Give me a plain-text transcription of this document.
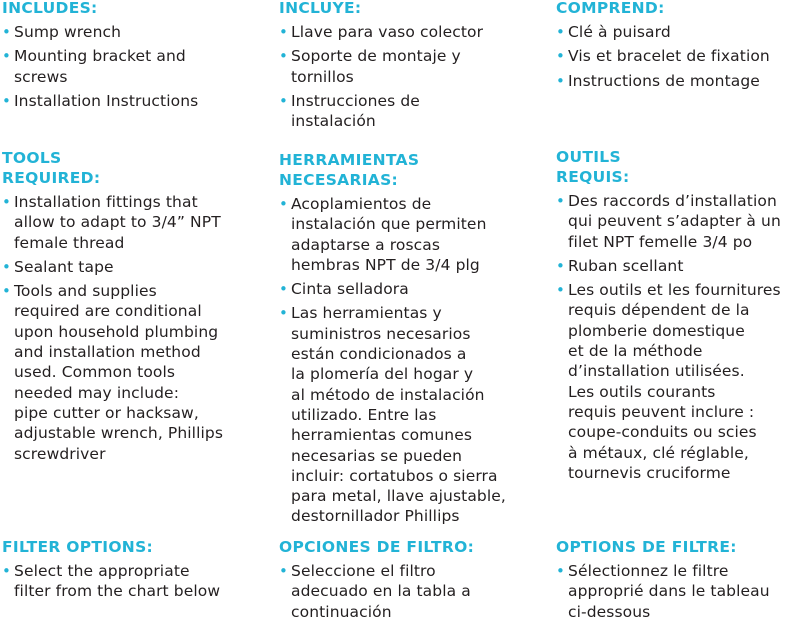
INCLUDES:
• Sump wrench
• Mounting bracket and
screws
• Installation Instructions
TOOLS
REQUIRED:
• Installation fittings that
allow to adapt to 3/4” NPT
female thread
• Sealant tape
• Tools and supplies
required are conditional
upon household plumbing
and installation method
used. Common tools
needed may include:
pipe cutter or hacksaw,
adjustable wrench, Phillips
screwdriver
FILTER OPTIONS:
• Select the appropriate
filter from the chart below
INCLUYE:
• Llave para vaso colector
• Soporte de montaje y
tornillos
• Instrucciones de
instalación
HERRAMIENTAS
NECESARIAS:
• Acoplamientos de
instalación que permiten
adaptarse a roscas
hembras NPT de 3/4 plg
• Cinta selladora
• Las herramientas y
suministros necesarios
están condicionados a
la plomería del hogar y
al método de instalación
utilizado. Entre las
herramientas comunes
necesarias se pueden
incluir: cortatubos o sierra
para metal, llave ajustable,
destornillador Phillips
OPCIONES DE FILTRO:
• Seleccione el filtro
adecuado en la tabla a
continuación
COMPREND:
• Clé à puisard
• Vis et bracelet de fixation
• Instructions de montage
OUTILS
REQUIS:
• Des raccords d’installation
qui peuvent s’adapter à un
filet NPT femelle 3/4 po
• Ruban scellant
• Les outils et les fournitures
requis dépendent de la
plomberie domestique
et de la méthode
d’installation utilisées.
Les outils courants
requis peuvent inclure :
coupe-conduits ou scies
à métaux, clé réglable,
tournevis cruciforme
OPTIONS DE FILTRE:
• Sélectionnez le filtre
approprié dans le tableau
ci-dessous
